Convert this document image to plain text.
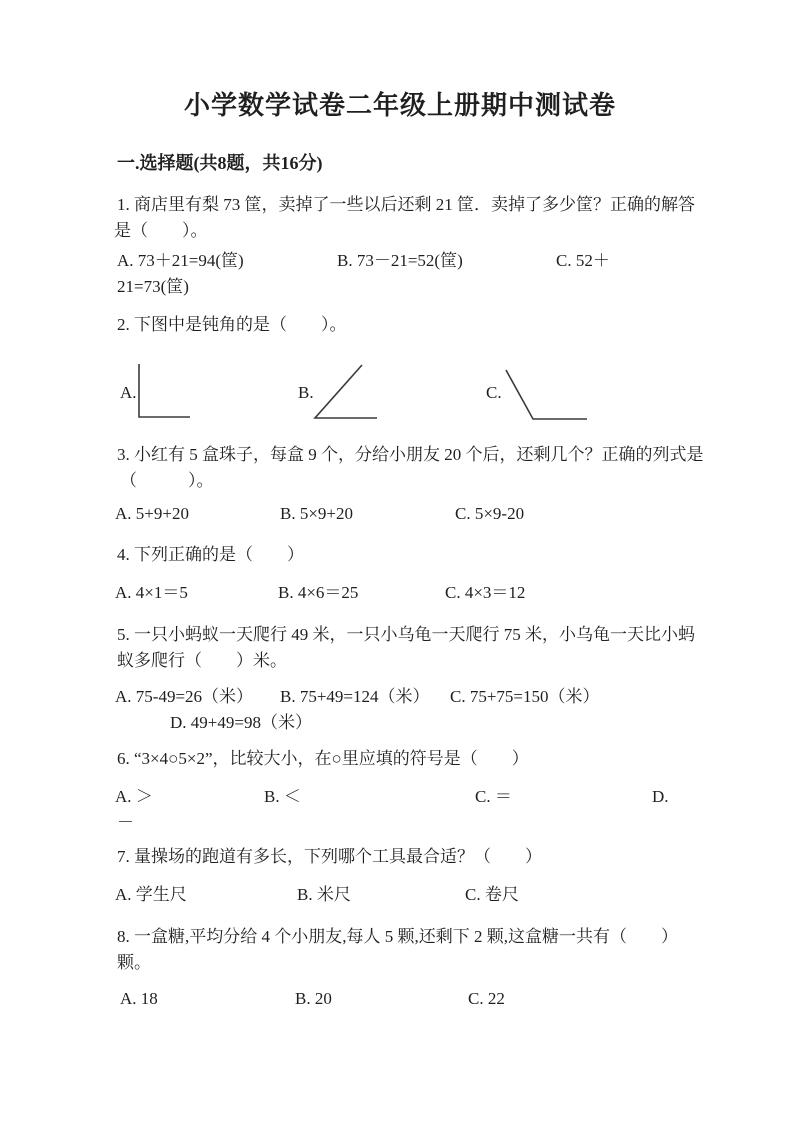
小学数学试卷二年级上册期中测试卷
一.选择题(共8题，共16分)
1. 商店里有梨 73 筐，卖掉了一些以后还剩 21 筐．卖掉了多少筐？正确的解答
是（　　）。
A. 73＋21=94(筐)	B. 73－21=52(筐)	C. 52＋
21=73(筐)
2. 下图中是钝角的是（　　）。
A.	B.	C.
3. 小红有 5 盒珠子，每盒 9 个，分给小朋友 20 个后，还剩几个？正确的列式是
（　　　）。
A. 5+9+20	B. 5×9+20	C. 5×9-20
4. 下列正确的是（　　）
A. 4×1＝5	B. 4×6＝25	C. 4×3＝12
5. 一只小蚂蚁一天爬行 49 米，一只小乌龟一天爬行 75 米，小乌龟一天比小蚂
蚁多爬行（　　）米。
A. 75-49=26（米） B. 75+49=124（米） C. 75+75=150（米）
D. 49+49=98（米）
6. “3×4○5×2”，比较大小，在○里应填的符号是（　　）
A. ＞	B. ＜	C. ＝	D.
－
7. 量操场的跑道有多长，下列哪个工具最合适？（　　）
A. 学生尺	B. 米尺	C. 卷尺
8. 一盒糖,平均分给 4 个小朋友,每人 5 颗,还剩下 2 颗,这盒糖一共有（　　）
颗。
A. 18	B. 20	C. 22
